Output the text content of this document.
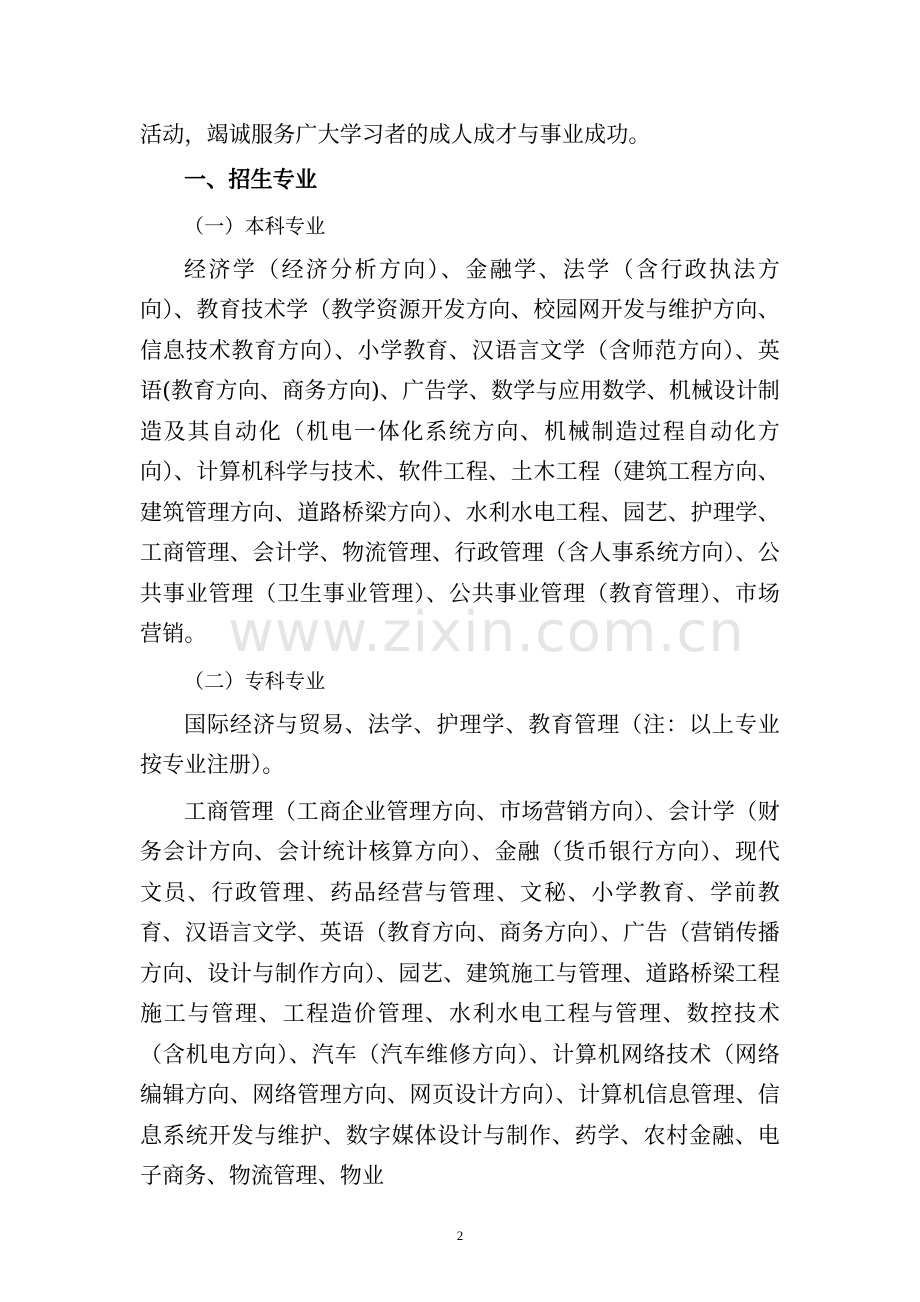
活动，竭诚服务广大学习者的成人成才与事业成功。

一、招生专业

（一）本科专业

经济学（经济分析方向）、金融学、法学（含行政执法方向）、教育技术学（教学资源开发方向、校园网开发与维护方向、信息技术教育方向）、小学教育、汉语言文学（含师范方向）、英语(教育方向、商务方向)、广告学、数学与应用数学、机械设计制造及其自动化（机电一体化系统方向、机械制造过程自动化方向）、计算机科学与技术、软件工程、土木工程（建筑工程方向、建筑管理方向、道路桥梁方向）、水利水电工程、园艺、护理学、工商管理、会计学、物流管理、行政管理（含人事系统方向）、公共事业管理（卫生事业管理）、公共事业管理（教育管理）、市场营销。

（二）专科专业

国际经济与贸易、法学、护理学、教育管理（注：以上专业按专业注册）。

工商管理（工商企业管理方向、市场营销方向）、会计学（财务会计方向、会计统计核算方向）、金融（货币银行方向）、现代文员、行政管理、药品经营与管理、文秘、小学教育、学前教育、汉语言文学、英语（教育方向、商务方向）、广告（营销传播方向、设计与制作方向）、园艺、建筑施工与管理、道路桥梁工程施工与管理、工程造价管理、水利水电工程与管理、数控技术（含机电方向）、汽车（汽车维修方向）、计算机网络技术（网络编辑方向、网络管理方向、网页设计方向）、计算机信息管理、信息系统开发与维护、数字媒体设计与制作、药学、农村金融、电子商务、物流管理、物业

www.zixin.com.cn
2
